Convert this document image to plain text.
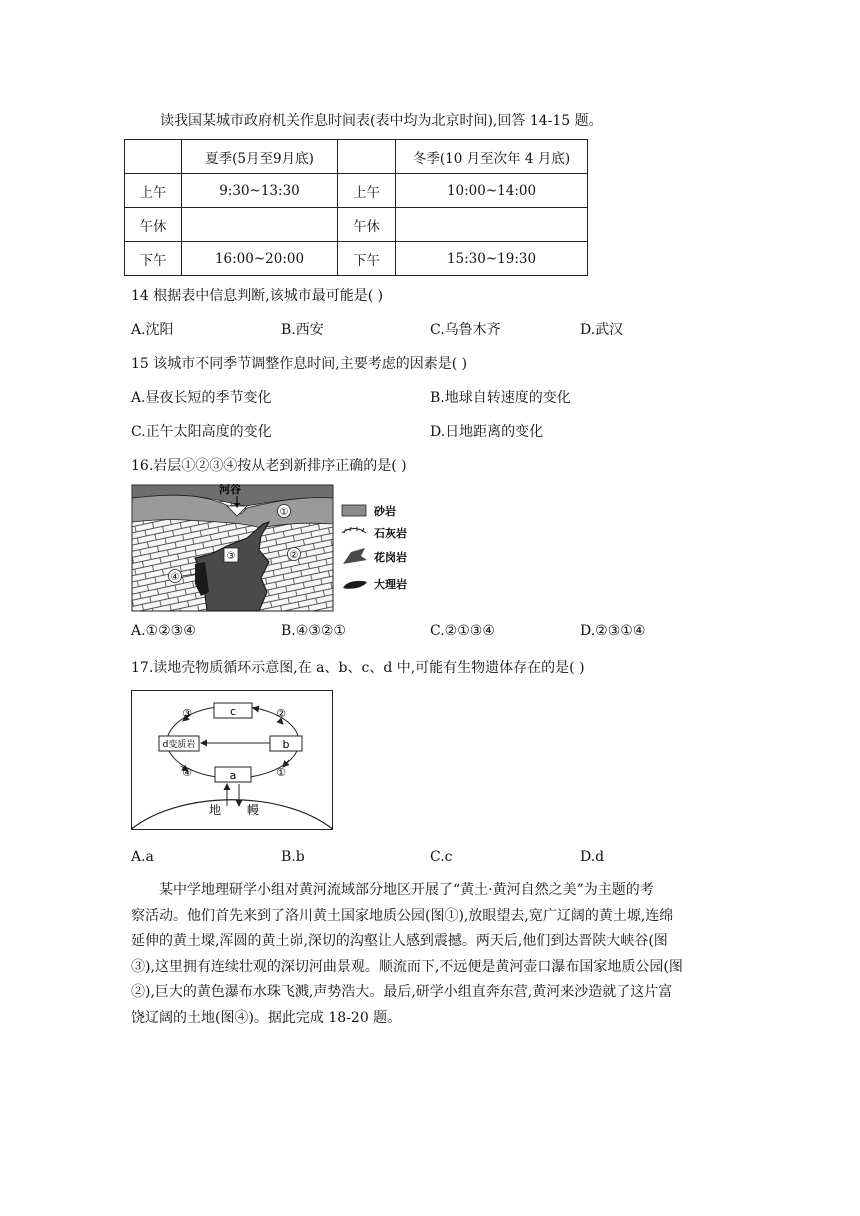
读我国某城市政府机关作息时间表(表中均为北京时间),回答 14-15 题。
	夏季(5月至9月底)		冬季(10 月至次年 4 月底)
上午	9:30~13:30	上午	10:00~14:00
午休		午休	
下午	16:00~20:00	下午	15:30~19:30
14 根据表中信息判断,该城市最可能是( )
A.沈阳	B.西安	C.乌鲁木齐	D.武汉
15 该城市不同季节调整作息时间,主要考虑的因素是( )
A.昼夜长短的季节变化	B.地球自转速度的变化
C.正午太阳高度的变化	D.日地距离的变化
16.岩层①②③④按从老到新排序正确的是( )
河谷
①
②
③
④
砂岩
石灰岩
花岗岩
大理岩
A.①②③④	B.④③②①	C.②①③④	D.②③①④
17.读地壳物质循环示意图,在 a、b、c、d 中,可能有生物遗体存在的是( )
c
b
a
d变质岩
③	②
④	①
地 幔
A.a	B.b	C.c	D.d
某中学地理研学小组对黄河流域部分地区开展了“黄土·黄河自然之美”为主题的考
察活动。他们首先来到了洛川黄土国家地质公园(图①),放眼望去,宽广辽阔的黄土塬,连绵
延伸的黄土墚,浑圆的黄土峁,深切的沟壑让人感到震撼。两天后,他们到达晋陕大峡谷(图
③),这里拥有连续壮观的深切河曲景观。顺流而下,不远便是黄河壶口瀑布国家地质公园(图
②),巨大的黄色瀑布水珠飞溅,声势浩大。最后,研学小组直奔东营,黄河来沙造就了这片富
饶辽阔的土地(图④)。据此完成 18-20 题。
